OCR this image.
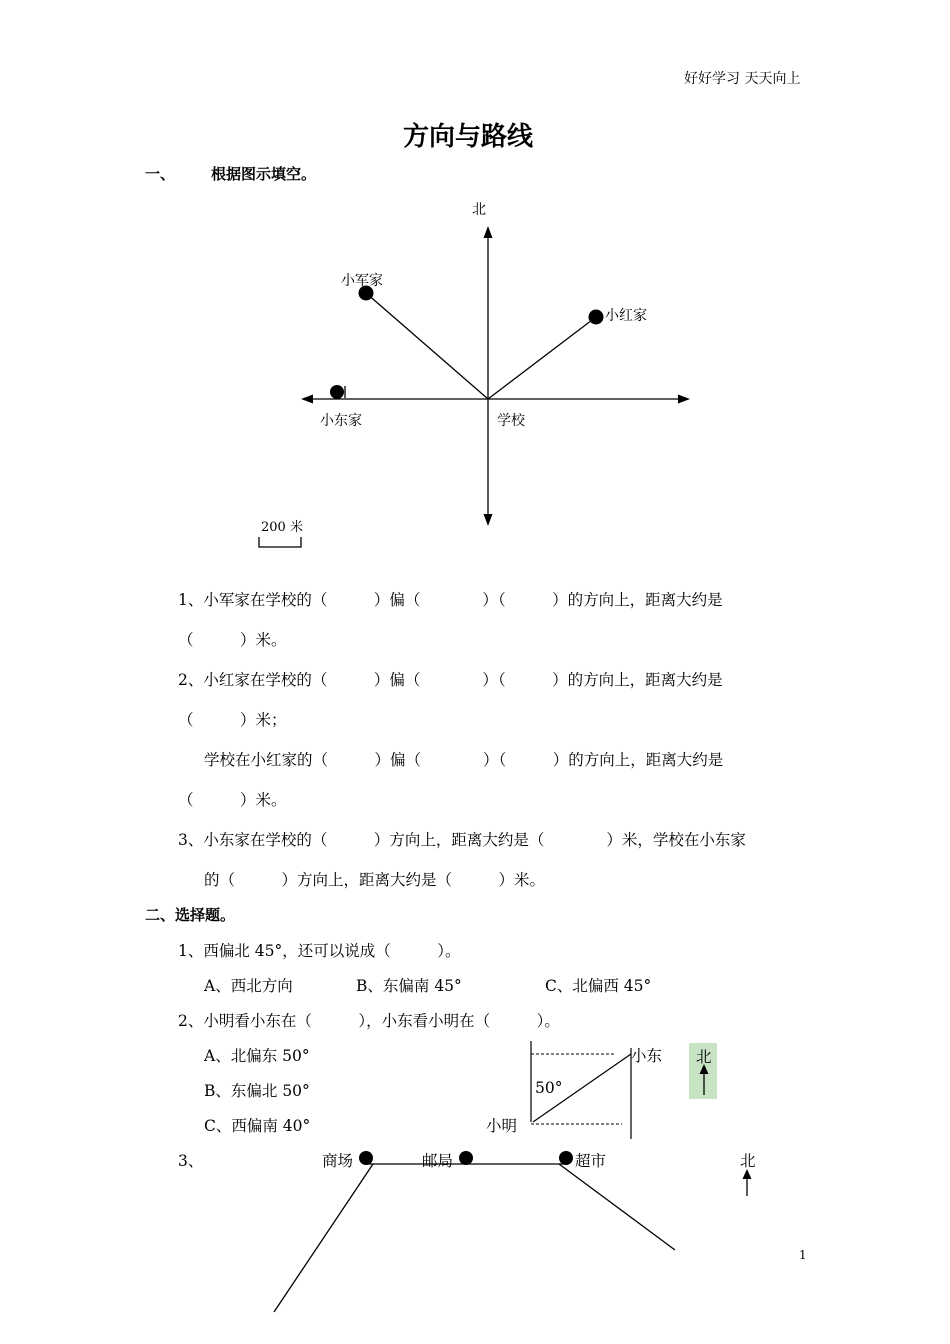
好好学习 天天向上
方向与路线
一、 根据图示填空。
北
小军家
小红家
小东家	学校
200 米
1、小军家在学校的（　　　）偏（　　　　）（　　　）的方向上，距离大约是
（　　　）米。
2、小红家在学校的（　　　）偏（　　　　）（　　　）的方向上，距离大约是
（　　　）米；
学校在小红家的（　　　）偏（　　　　）（　　　）的方向上，距离大约是
（　　　）米。
3、小东家在学校的（　　　）方向上，距离大约是（　　　　）米，学校在小东家
的（　　　）方向上，距离大约是（　　　）米。
二、选择题。
1、西偏北 45°，还可以说成（　　　）。
A、西北方向	B、东偏南 45°	C、北偏西 45°
2、小明看小东在（　　　），小东看小明在（　　　）。
A、北偏东 50°
B、东偏北 50°
C、西偏南 40°
小东
小明
50°
北
3、	商场	邮局	超市	北
1
